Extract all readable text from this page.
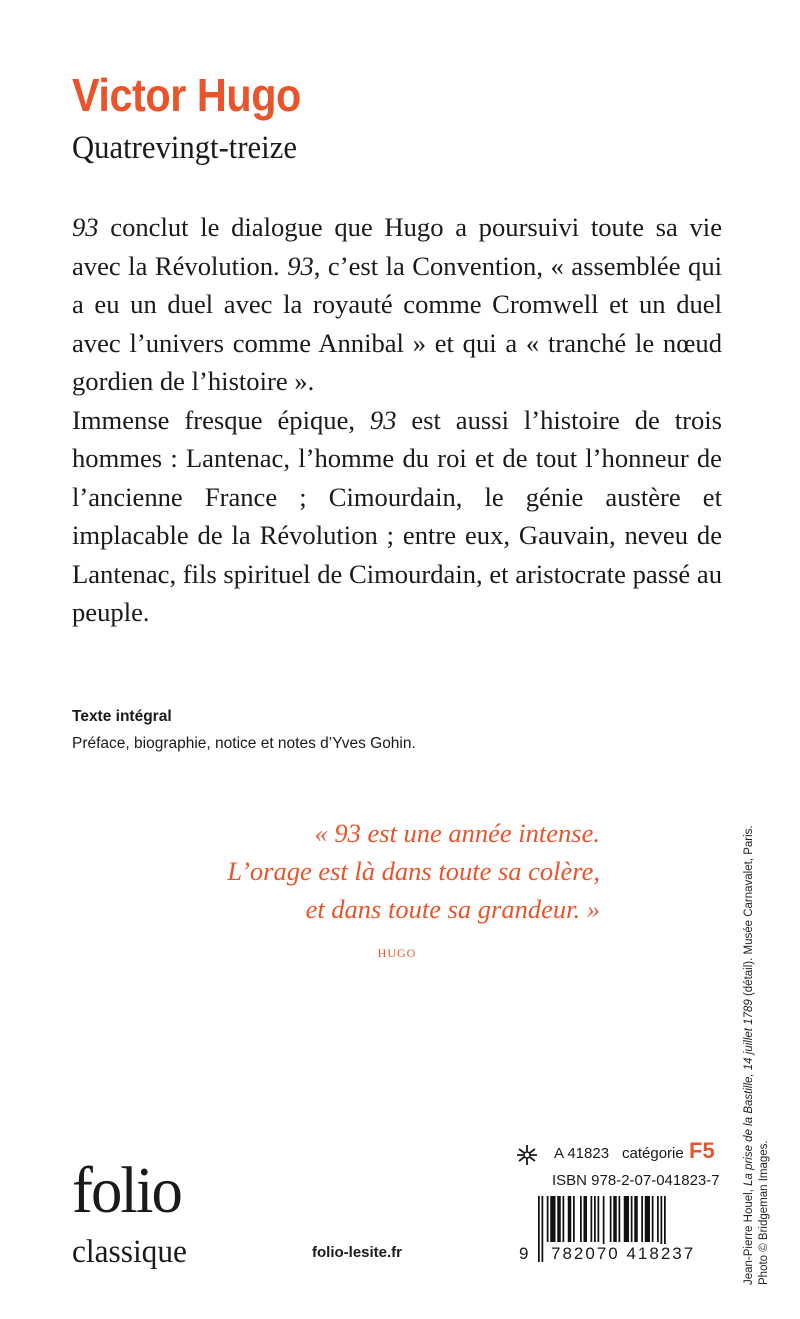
Victor Hugo
Quatrevingt-treize

93 conclut le dialogue que Hugo a poursuivi toute sa vie avec la Révolution. 93, c’est la Convention, « assemblée qui a eu un duel avec la royauté comme Cromwell et un duel avec l’univers comme Annibal » et qui a « tranché le nœud gordien de l’histoire ».

Immense fresque épique, 93 est aussi l’histoire de trois hommes : Lantenac, l’homme du roi et de tout l’honneur de l’ancienne France ; Cimourdain, le génie austère et implacable de la Révolution ; entre eux, Gauvain, neveu de Lantenac, fils spirituel de Cimourdain, et aristocrate passé au peuple.

Texte intégral
Préface, biographie, notice et notes d’Yves Gohin.
« 93 est une année intense.
L’orage est là dans toute sa colère,
et dans toute sa grandeur. »
HUGO
Jean-Pierre Houel, La prise de la Bastille, 14 juillet 1789 (détail). Musée Carnavalet, Paris.
Photo © Bridgeman Images.
folio
classique	folio-lesite.fr
A 41823 catégorie F5
ISBN 978-2-07-041823-7
9 782070 418237
